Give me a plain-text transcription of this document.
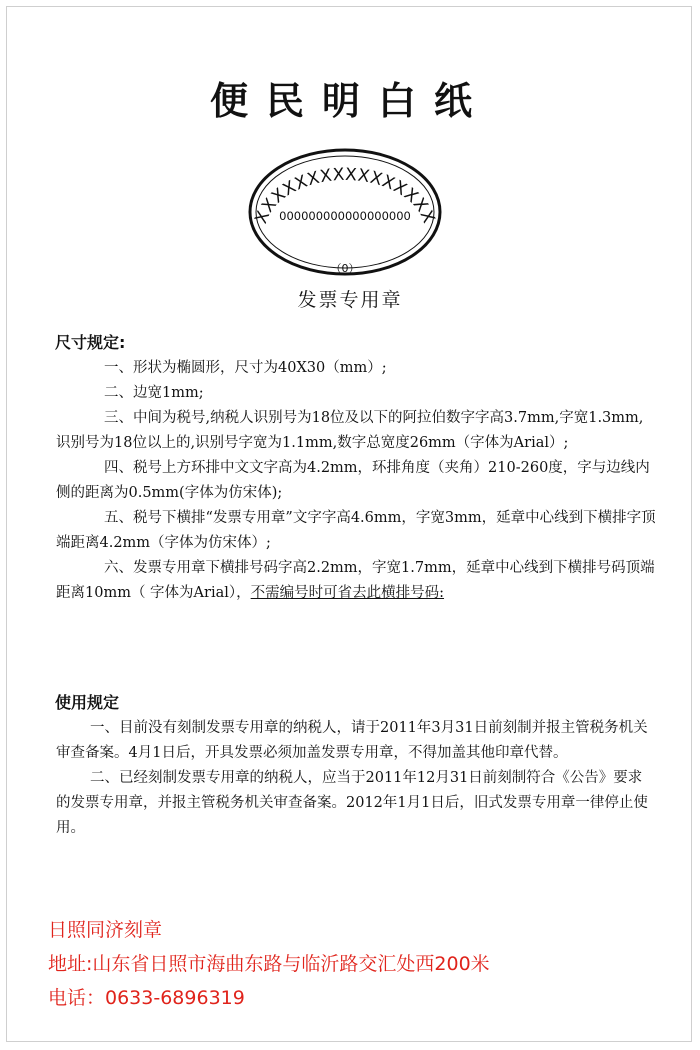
便民明白纸
XXXXXXXXXXXXXXXX
000000000000000000
（0）
发票专用章
尺寸规定:

一、形状为椭圆形，尺寸为40X30（mm）;

二、边宽1mm;

三、中间为税号,纳税人识别号为18位及以下的阿拉伯数字字高3.7mm,字宽1.3mm,识别号为18位以上的,识别号字宽为1.1mm,数字总宽度26mm（字体为Arial）;

四、税号上方环排中文文字高为4.2mm，环排角度（夹角）210-260度，字与边线内侧的距离为0.5mm(字体为仿宋体);

五、税号下横排“发票专用章”文字字高4.6mm，字宽3mm，延章中心线到下横排字顶端距离4.2mm（字体为仿宋体）;

六、发票专用章下横排号码字高2.2mm，字宽1.7mm，延章中心线到下横排号码顶端距离10mm（ 字体为Arial），不需编号时可省去此横排号码:

使用规定

一、目前没有刻制发票专用章的纳税人，请于2011年3月31日前刻制并报主管税务机关审查备案。4月1日后，开具发票必须加盖发票专用章，不得加盖其他印章代替。

二、已经刻制发票专用章的纳税人，应当于2011年12月31日前刻制符合《公告》要求的发票专用章，并报主管税务机关审查备案。2012年1月1日后，旧式发票专用章一律停止使用。

日照同济刻章
地址:山东省日照市海曲东路与临沂路交汇处西200米
电话：0633-6896319
